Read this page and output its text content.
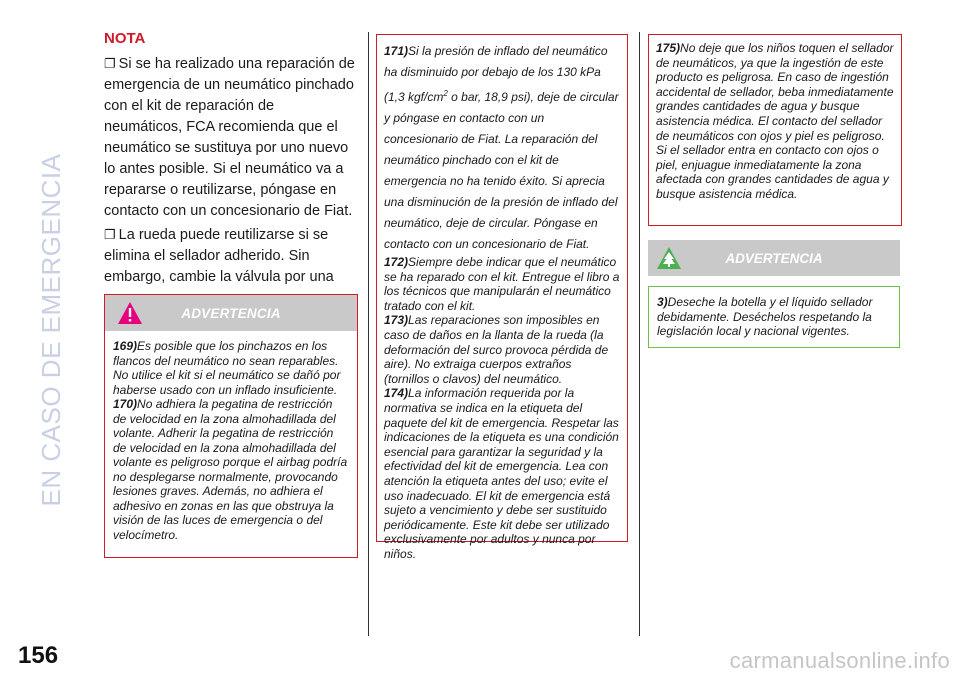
EN CASO DE EMERGENCIA
NOTA

❐ Si se ha realizado una reparación de emergencia de un neumático pinchado con el kit de reparación de neumáticos, FCA recomienda que el neumático se sustituya por uno nuevo lo antes posible. Si el neumático va a repararse o reutilizarse, póngase en contacto con un concesionario de Fiat.

❐ La rueda puede reutilizarse si se elimina el sellador adherido. Sin embargo, cambie la válvula por una

ADVERTENCIA

169)Es posible que los pinchazos en los flancos del neumático no sean reparables. No utilice el kit si el neumático se dañó por haberse usado con un inflado insuficiente.

170)No adhiera la pegatina de restricción de velocidad en la zona almohadillada del volante. Adherir la pegatina de restricción de velocidad en la zona almohadillada del volante es peligroso porque el airbag podría no desplegarse normalmente, provocando lesiones graves. Además, no adhiera el adhesivo en zonas en las que obstruya la visión de las luces de emergencia o del velocímetro.

171)Si la presión de inflado del neumático ha disminuido por debajo de los 130 kPa (1,3 kgf/$cm^2$ o bar, 18,9 psi), deje de circular y póngase en contacto con un concesionario de Fiat. La reparación del neumático pinchado con el kit de emergencia no ha tenido éxito. Si aprecia una disminución de la presión de inflado del neumático, deje de circular. Póngase en contacto con un concesionario de Fiat.

172)Siempre debe indicar que el neumático se ha reparado con el kit. Entregue el libro a los técnicos que manipularán el neumático tratado con el kit.

173)Las reparaciones son imposibles en caso de daños en la llanta de la rueda (la deformación del surco provoca pérdida de aire). No extraiga cuerpos extraños (tornillos o clavos) del neumático.

174)La información requerida por la normativa se indica en la etiqueta del paquete del kit de emergencia. Respetar las indicaciones de la etiqueta es una condición esencial para garantizar la seguridad y la efectividad del kit de emergencia. Lea con atención la etiqueta antes del uso; evite el uso inadecuado. El kit de emergencia está sujeto a vencimiento y debe ser sustituido periódicamente. Este kit debe ser utilizado exclusivamente por adultos y nunca por niños.

175)No deje que los niños toquen el sellador de neumáticos, ya que la ingestión de este producto es peligrosa. En caso de ingestión accidental de sellador, beba inmediatamente grandes cantidades de agua y busque asistencia médica. El contacto del sellador de neumáticos con ojos y piel es peligroso. Si el sellador entra en contacto con ojos o piel, enjuague inmediatamente la zona afectada con grandes cantidades de agua y busque asistencia médica.

ADVERTENCIA

3)Deseche la botella y el líquido sellador debidamente. Deséchelos respetando la legislación local y nacional vigentes.

156	carmanualsonline.info
